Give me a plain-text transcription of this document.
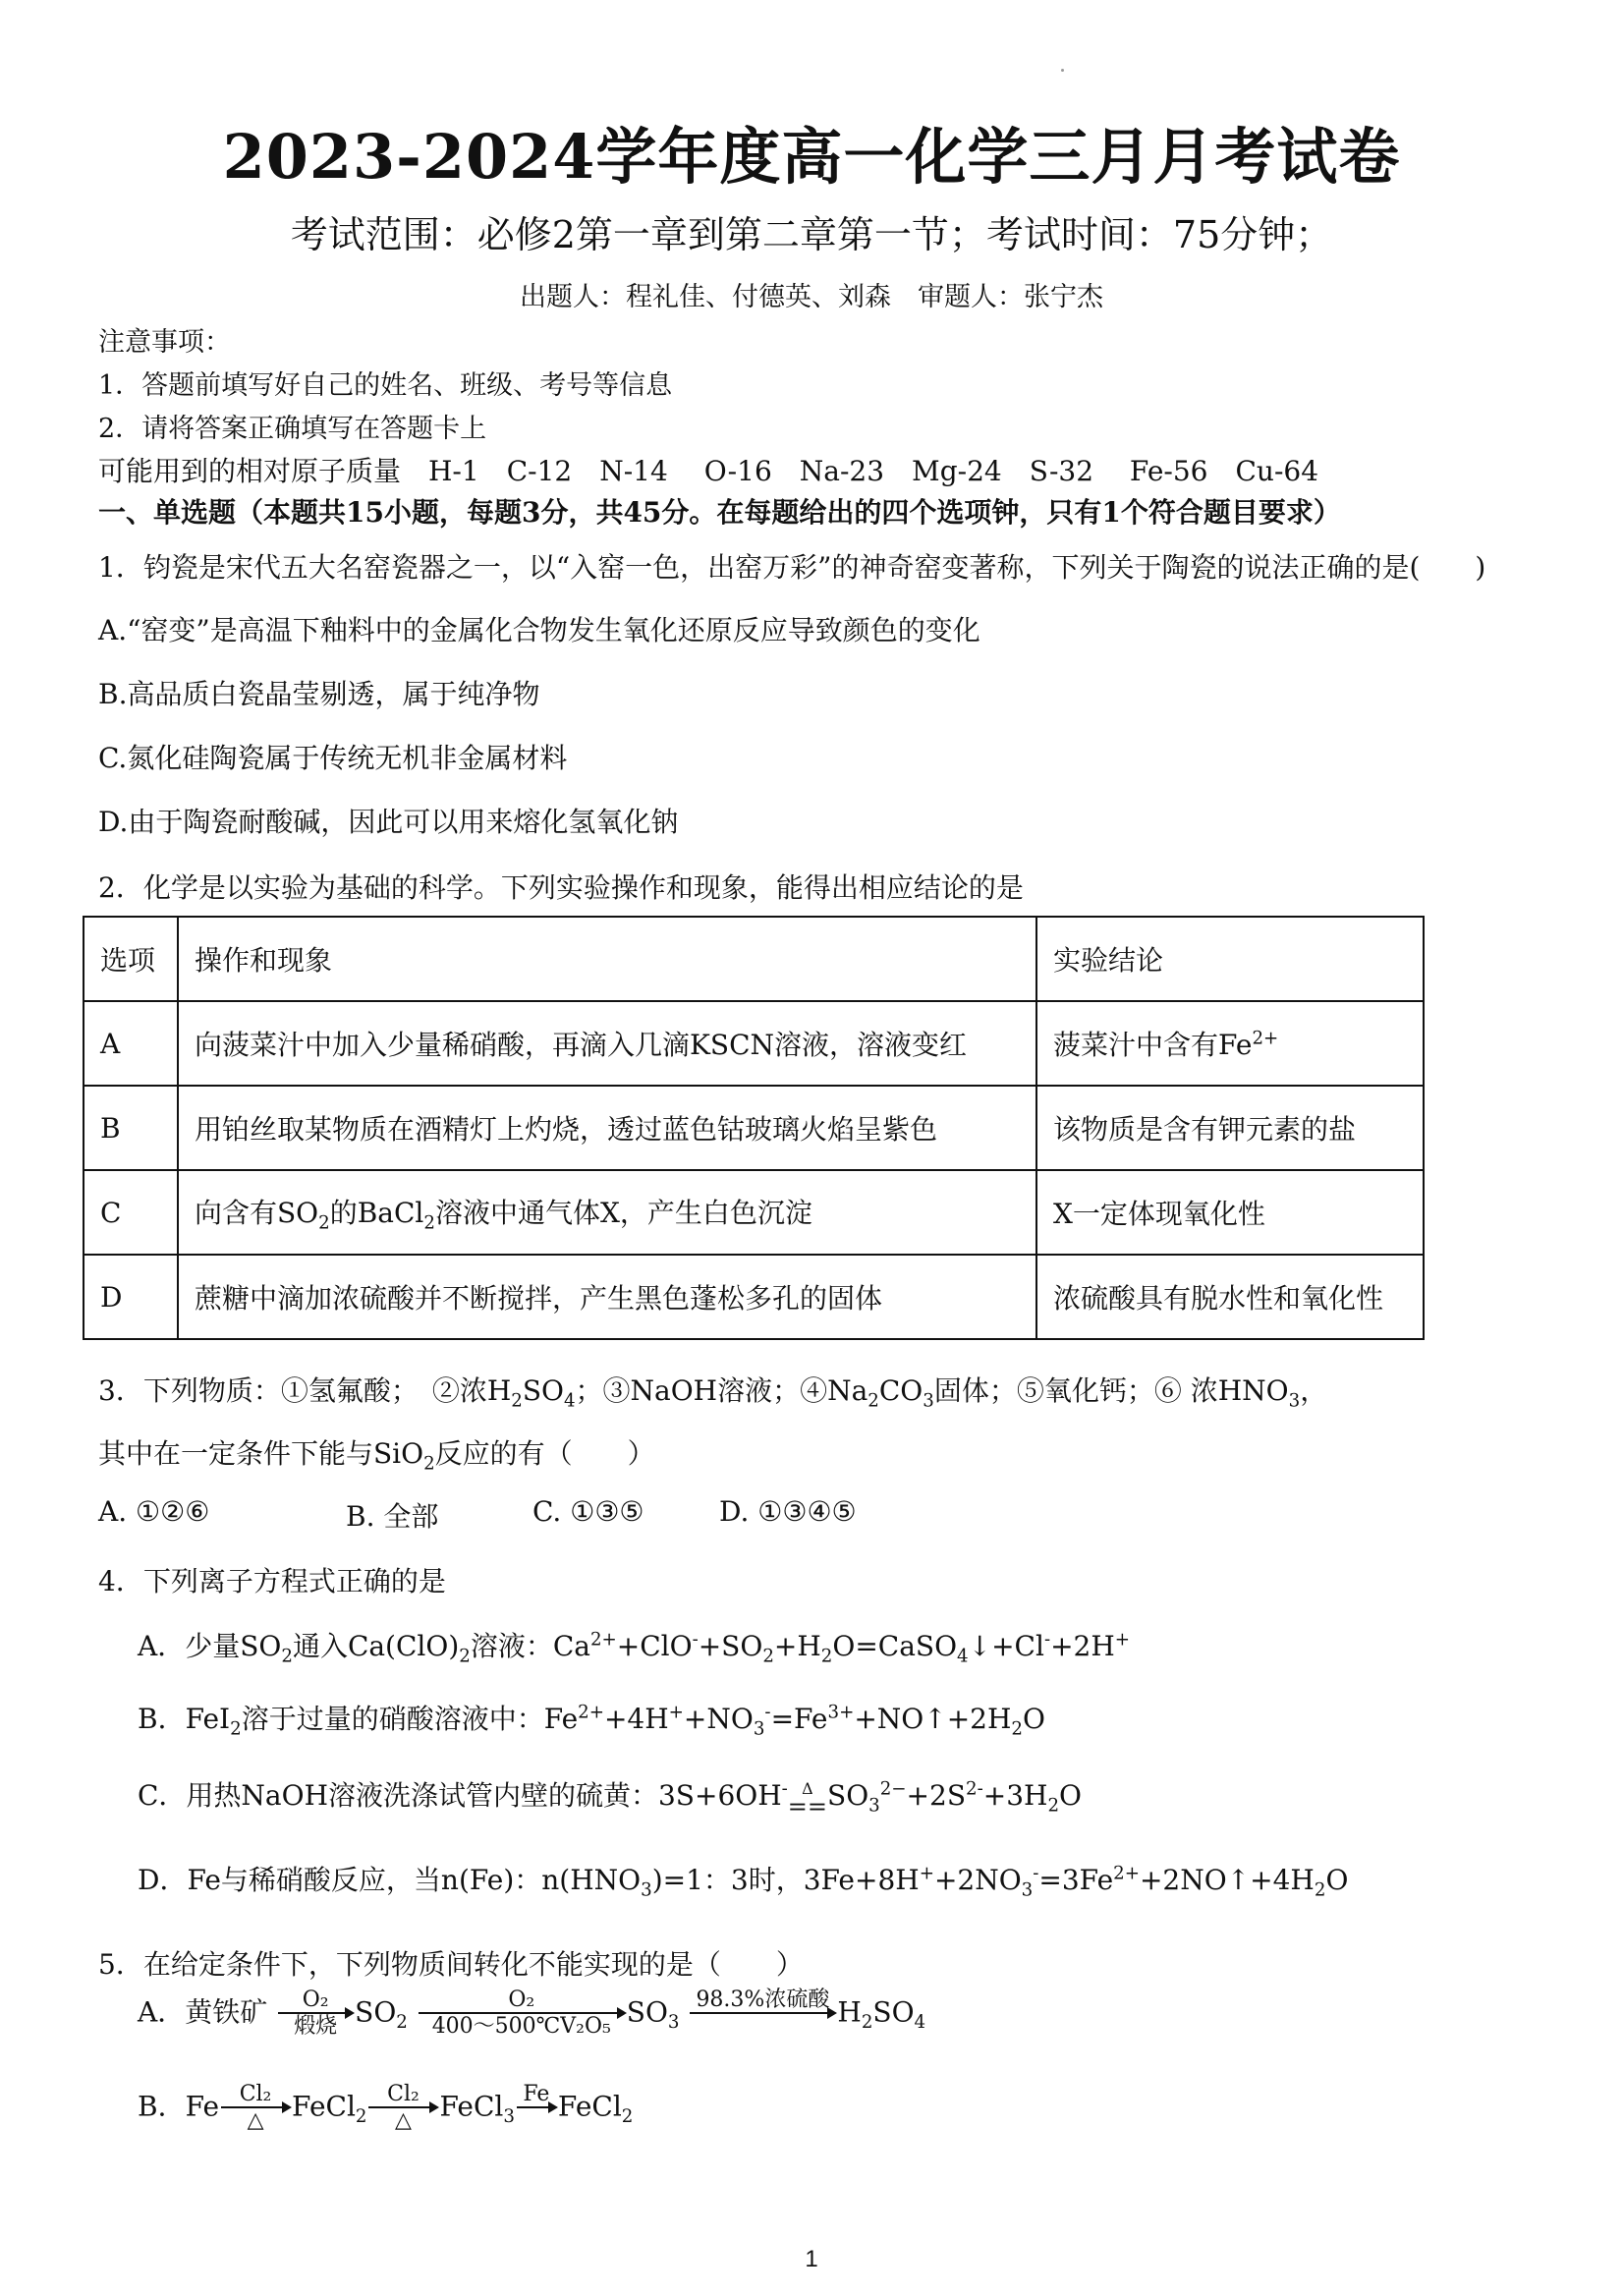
2023-2024学年度高一化学三月月考试卷
考试范围：必修2第一章到第二章第一节；考试时间：75分钟；
出题人：程礼佳、付德英、刘森　审题人：张宁杰
注意事项：
1．答题前填写好自己的姓名、班级、考号等信息
2．请将答案正确填写在答题卡上
可能用到的相对原子质量　H-1　C-12　N-14　 O-16　Na-23　Mg-24　S-32　 Fe-56　Cu-64
一、单选题（本题共15小题，每题3分，共45分。在每题给出的四个选项钟，只有1个符合题目要求）
1．钧瓷是宋代五大名窑瓷器之一，以“入窑一色，出窑万彩”的神奇窑变著称，下列关于陶瓷的说法正确的是(　　)
A.“窑变”是高温下釉料中的金属化合物发生氧化还原反应导致颜色的变化
B.高品质白瓷晶莹剔透，属于纯净物
C.氮化硅陶瓷属于传统无机非金属材料
D.由于陶瓷耐酸碱，因此可以用来熔化氢氧化钠
2．化学是以实验为基础的科学。下列实验操作和现象，能得出相应结论的是
选项	操作和现象	实验结论
A	向菠菜汁中加入少量稀硝酸，再滴入几滴KSCN溶液，溶液变红	菠菜汁中含有$Fe^{2+}$
B	用铂丝取某物质在酒精灯上灼烧，透过蓝色钴玻璃火焰呈紫色	该物质是含有钾元素的盐
C	向含有$SO_2$的BaCl$_2$溶液中通气体X，产生白色沉淀	X一定体现氧化性
D	蔗糖中滴加浓硫酸并不断搅拌，产生黑色蓬松多孔的固体	浓硫酸具有脱水性和氧化性
3．下列物质：①氢氟酸；　②浓$H_2SO_4$；③NaOH溶液；$④Na_2CO_3$固体；⑤氧化钙；⑥ 浓$HNO_3$，
其中在一定条件下能与SiO$_2$反应的有（　　）
A. ①②⑥	B. 全部	C. ①③⑤	D. ①③④⑤
4．下列离子方程式正确的是
A．少量$SO_2$通入$Ca(ClO)_2$溶液：$Ca^{2+}+ClO^-+SO_2+H_2O=CaSO_4↓+Cl^-+2H^+$
B．FeI$_2$溶于过量的硝酸溶液中：$Fe^{2+}+4H^++NO_3^-=Fe^{3+}+NO↑+2H_2O$
C．用热NaOH溶液洗涤试管内壁的硫黄：3S+6OH- Δ
== $SO_3^{2-}+2S^{2-}+3H_2O$
D．Fe与稀硝酸反应，当n(Fe)：$n(HNO_3)=1$：3时，$3Fe+8H^++2NO_3^-=3Fe^{2+}+2NO↑+4H_2O$
5．在给定条件下，下列物质间转化不能实现的是（　　）
A．黄铁矿	O₂
煅烧 $SO_2 \frac{\text{O₂}}{\text{400～500℃V₂O₅}} SO_3$
98.3%浓硫酸
$H_2SO_4$
B．Fe Cl₂
△	FeCl$_2$
Cl₂
△	FeCl$_3$
Fe
FeCl$_2$
1
